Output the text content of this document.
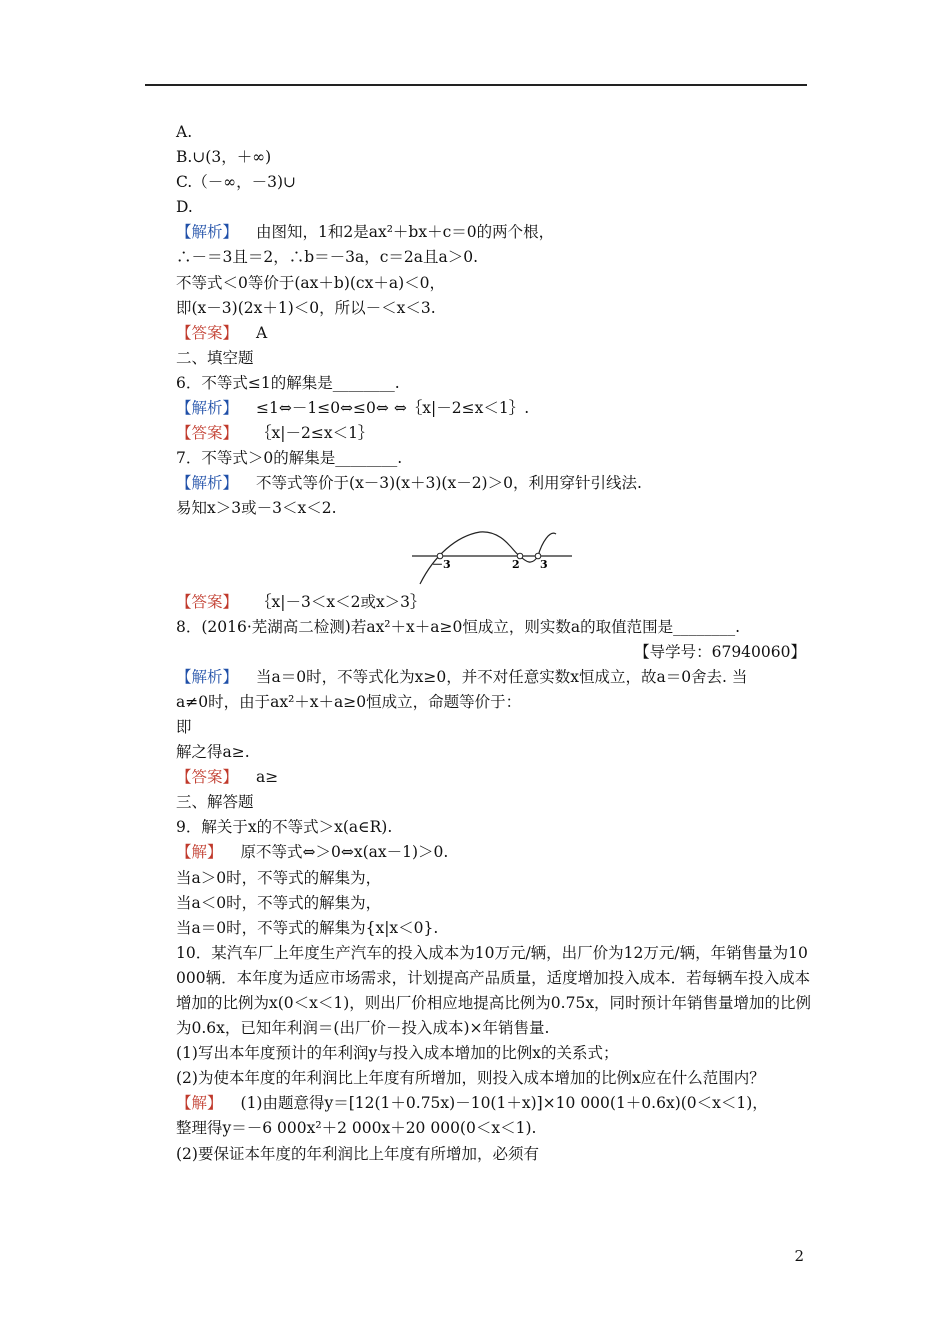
A.
B.∪(3，＋∞)
C.（－∞，－3)∪
D.
【解析】 由图知，1和2是ax²＋bx＋c＝0的两个根，
∴－＝3且＝2，∴b＝－3a，c＝2a且a＞0.
不等式＜0等价于(ax＋b)(cx＋a)＜0，
即(x－3)(2x＋1)＜0，所以－＜x＜3.
【答案】 A
二、填空题
6．不等式≤1的解集是________.
【解析】 ≤1⇔－1≤0⇔≤0⇔ ⇔｛x|－2≤x＜1｝.
【答案】 ｛x|－2≤x＜1｝
7．不等式＞0的解集是________.
【解析】 不等式等价于(x－3)(x＋3)(x－2)＞0，利用穿针引线法.
易知x＞3或－3＜x＜2.
－3	2 3
【答案】 ｛x|－3＜x＜2或x＞3｝
8．(2016·芜湖高二检测)若ax²＋x＋a≥0恒成立，则实数a的取值范围是________.
【导学号：67940060】
【解析】 当a＝0时，不等式化为x≥0，并不对任意实数x恒成立，故a＝0舍去. 当
a≠0时，由于ax²＋x＋a≥0恒成立，命题等价于：
即
解之得a≥.
【答案】 a≥
三、解答题
9．解关于x的不等式＞x(a∈R).
【解】 原不等式⇔＞0⇔x(ax－1)＞0.
当a＞0时，不等式的解集为，
当a＜0时，不等式的解集为，
当a＝0时，不等式的解集为{x|x＜0}.
10．某汽车厂上年度生产汽车的投入成本为10万元/辆，出厂价为12万元/辆，年销售量为10 000辆．本年度为适应市场需求，计划提高产品质量，适度增加投入成本．若每辆车投入成本增加的比例为x(0＜x＜1)，则出厂价相应地提高比例为0.75x，同时预计年销售量增加的比例为0.6x，已知年利润＝(出厂价－投入成本)×年销售量.
(1)写出本年度预计的年利润y与投入成本增加的比例x的关系式；
(2)为使本年度的年利润比上年度有所增加，则投入成本增加的比例x应在什么范围内？
【解】 (1)由题意得y＝[12(1＋0.75x)－10(1＋x)]×10 000(1＋0.6x)(0＜x＜1)，
整理得y＝－6 000x²＋2 000x＋20 000(0＜x＜1).
(2)要保证本年度的年利润比上年度有所增加，必须有
2
